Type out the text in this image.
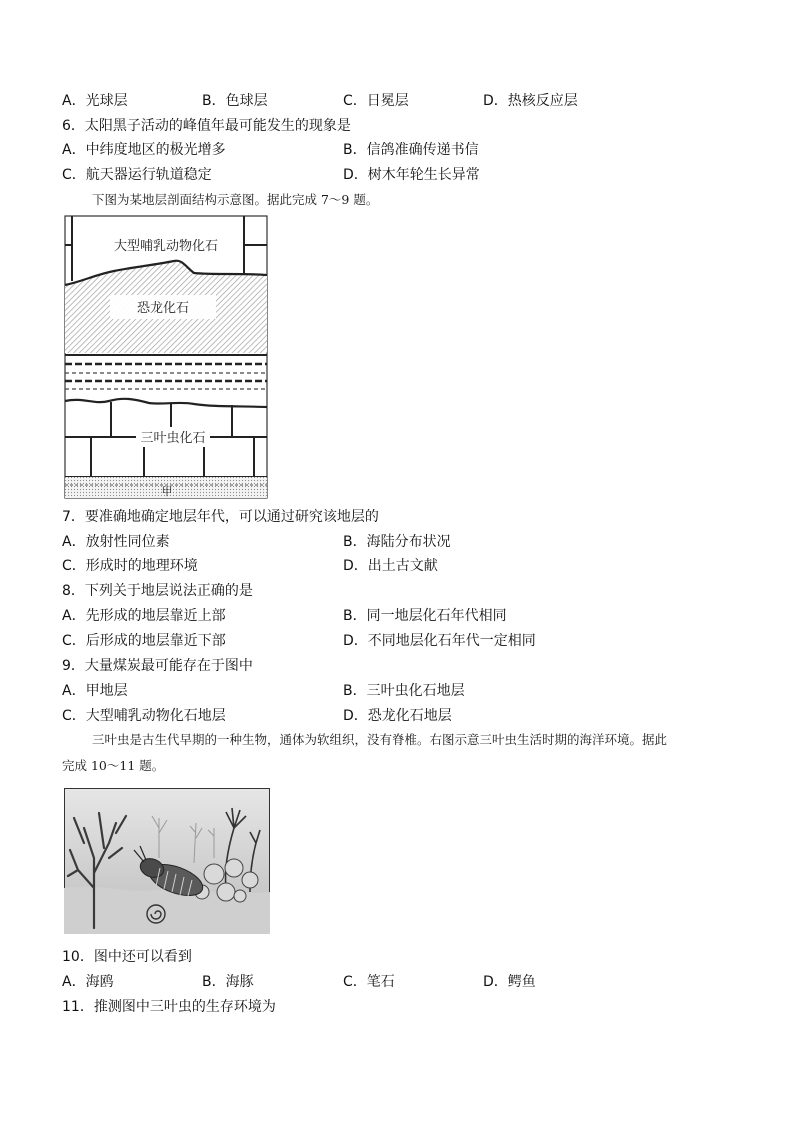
A．光球层	B．色球层	C．日冕层	D．热核反应层
6．太阳黑子活动的峰值年最可能发生的现象是
A．中纬度地区的极光增多	B．信鸽准确传递书信
C．航天器运行轨道稳定	D．树木年轮生长异常
下图为某地层剖面结构示意图。据此完成 7～9 题。
大型哺乳动物化石
恐龙化石
三叶虫化石
甲
7．要准确地确定地层年代，可以通过研究该地层的
A．放射性同位素	B．海陆分布状况
C．形成时的地理环境	D．出土古文献
8．下列关于地层说法正确的是
A．先形成的地层靠近上部	B．同一地层化石年代相同
C．后形成的地层靠近下部	D．不同地层化石年代一定相同
9．大量煤炭最可能存在于图中
A．甲地层	B．三叶虫化石地层
C．大型哺乳动物化石地层	D．恐龙化石地层
三叶虫是古生代早期的一种生物，通体为软组织，没有脊椎。右图示意三叶虫生活时期的海洋环境。据此
完成 10～11 题。
10．图中还可以看到
A．海鸥	B．海豚	C．笔石	D．鳄鱼
11．推测图中三叶虫的生存环境为
